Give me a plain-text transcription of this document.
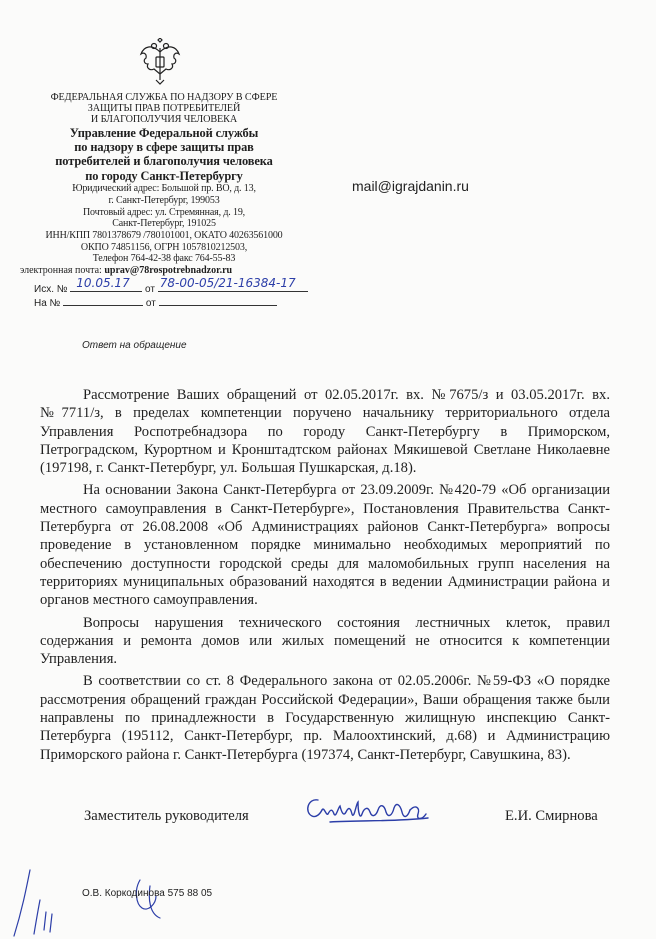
ФЕДЕРАЛЬНАЯ СЛУЖБА ПО НАДЗОРУ В СФЕРЕ
ЗАЩИТЫ ПРАВ ПОТРЕБИТЕЛЕЙ
И БЛАГОПОЛУЧИЯ ЧЕЛОВЕКА
Управление Федеральной службы
по надзору в сфере защиты прав
потребителей и благополучия человека
по городу Санкт-Петербургу
Юридический адрес: Большой пр. ВО, д. 13,
г. Санкт-Петербург, 199053
Почтовый адрес: ул. Стремянная, д. 19,
Санкт-Петербург, 191025
ИНН/КПП 7801378679 /780101001, ОКАТО 40263561000
ОКПО 74851156, ОГРН 1057810212503,
Телефон 764-42-38 факс 764-55-83
электронная почта: uprav@78rospotrebnadzor.ru
mail@igrajdanin.ru
Исх. № 10.05.17 от 78-00-05/21-16384-17
На №	от
Ответ на обращение

Рассмотрение Ваших обращений от 02.05.2017г. вх. №7675/з и 03.05.2017г. вх.№7711/з, в пределах компетенции поручено начальнику территориального отдела Управления Роспотребнадзора по городу Санкт-Петербургу в Приморском, Петроградском, Курортном и Кронштадтском районах Мякишевой Светлане Николаевне (197198, г. Санкт-Петербург, ул. Большая Пушкарская, д.18).

На основании Закона Санкт-Петербурга от 23.09.2009г. №420-79 «Об организации местного самоуправления в Санкт-Петербурге», Постановления Правительства Санкт-Петербурга от 26.08.2008 «Об Администрациях районов Санкт-Петербурга» вопросы проведение в установленном порядке минимально необходимых мероприятий по обеспечению доступности городской среды для маломобильных групп населения на территориях муниципальных образований находятся в ведении Администрации района и органов местного самоуправления.

Вопросы нарушения технического состояния лестничных клеток, правил содержания и ремонта домов или жилых помещений не относится к компетенции Управления.

В соответствии со ст. 8 Федерального закона от 02.05.2006г. №59-ФЗ «О порядке рассмотрения обращений граждан Российской Федерации», Ваши обращения также были направлены по принадлежности в Государственную жилищную инспекцию Санкт-Петербурга (195112, Санкт-Петербург, пр. Малоохтинский, д.68) и Администрацию Приморского района г. Санкт-Петербурга (197374, Санкт-Петербург, Савушкина, 83).

Заместитель руководителя	Е.И. Смирнова
О.В. Коркодинова 575 88 05
